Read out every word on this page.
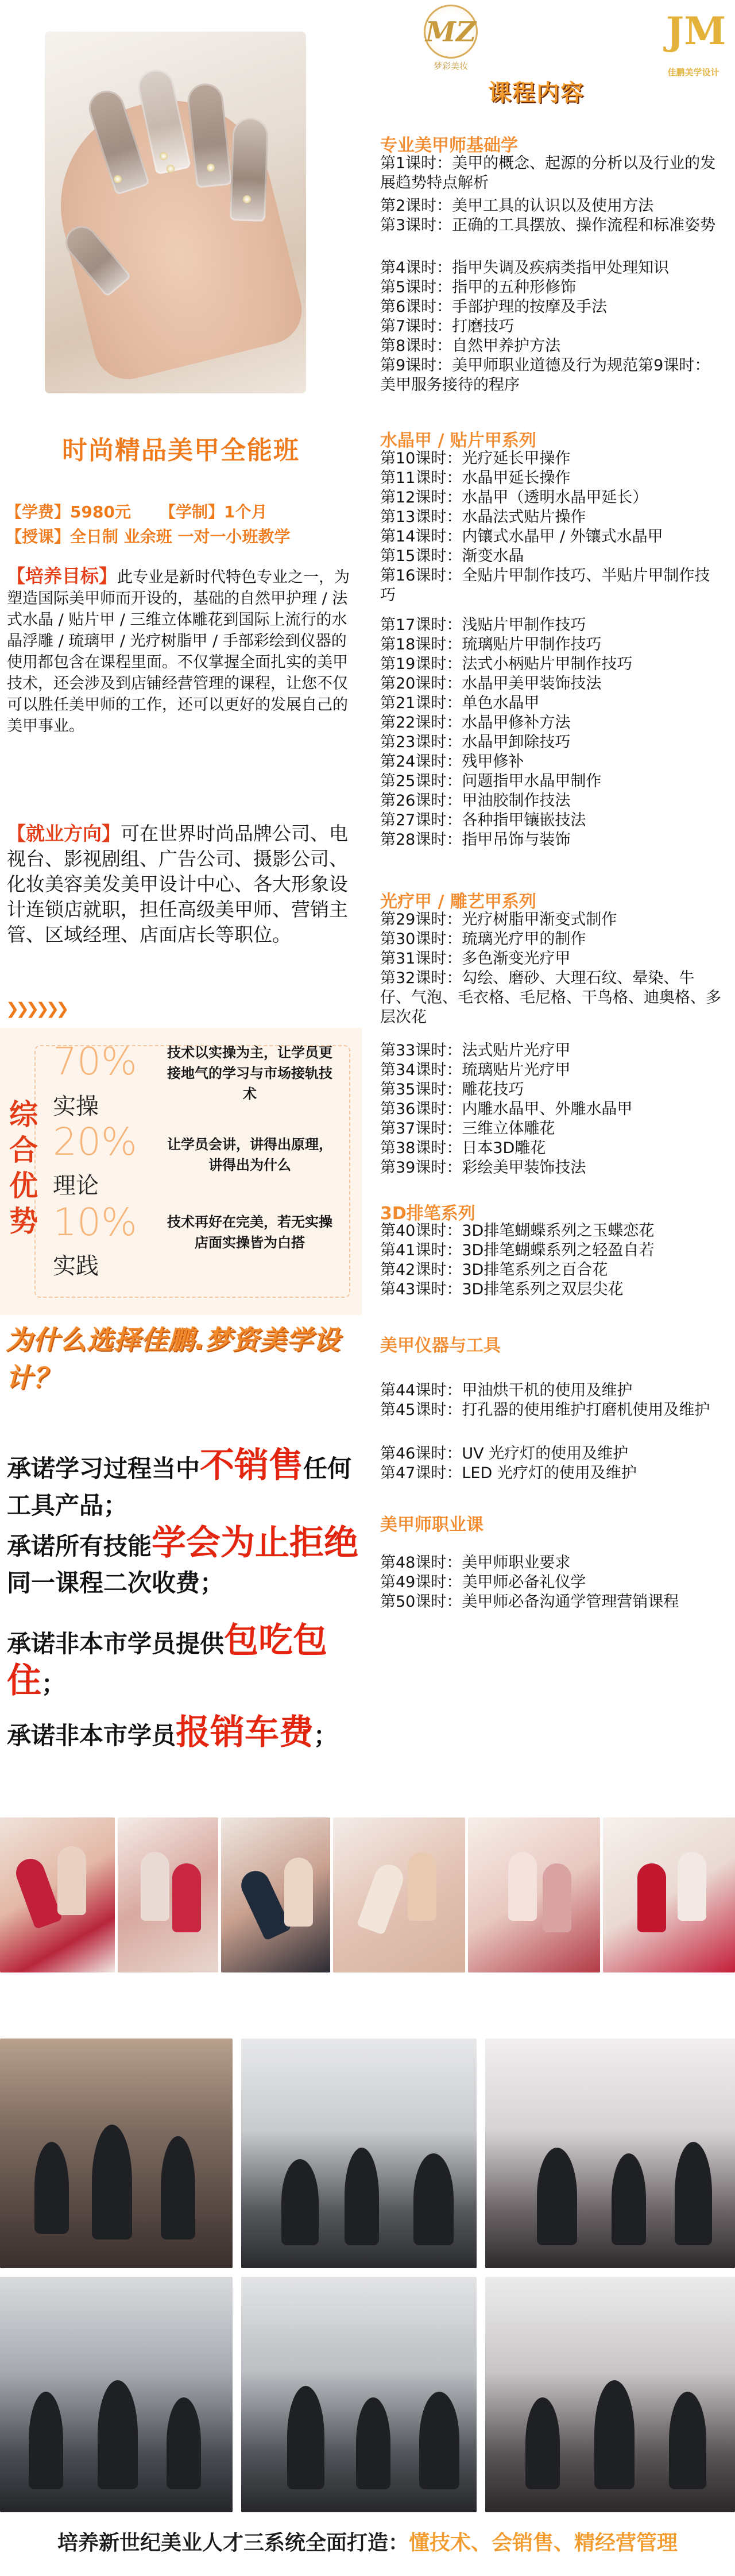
时尚精品美甲全能班
【学费】5980元 【学制】1个月
【授课】全日制 业余班 一对一小班教学
【培养目标】此专业是新时代特色专业之一，为塑造国际美甲师而开设的，基础的自然甲护理 / 法式水晶 / 贴片甲 / 三维立体雕花到国际上流行的水晶浮雕 / 琉璃甲 / 光疗树脂甲 / 手部彩绘到仪器的使用都包含在课程里面。不仅掌握全面扎实的美甲技术，还会涉及到店铺经营管理的课程，让您不仅可以胜任美甲师的工作，还可以更好的发展自己的美甲事业。
【就业方向】可在世界时尚品牌公司、电视台、影视剧组、广告公司、摄影公司、化妆美容美发美甲设计中心、各大形象设计连锁店就职，担任高级美甲师、营销主管、区域经理、店面店长等职位。
❯❯❯❯❯❯
综合优势
70%
实操
20%
理论
10%
实践
技术以实操为主，让学员更接地气的学习与市场接轨技术
让学员会讲，讲得出原理，讲得出为什么
技术再好在完美，若无实操店面实操皆为白搭
为什么选择佳鹏.梦资美学设计？
承诺学习过程当中不销售任何工具产品；
承诺所有技能学会为止拒绝同一课程二次收费；
承诺非本市学员提供包吃包住；
承诺非本市学员报销车费；
MZ
梦彩美妆
课程内容
JM
佳鹏美学设计
专业美甲师基础学
第1课时：美甲的概念、起源的分析以及行业的发展趋势特点解析
第2课时：美甲工具的认识以及使用方法
第3课时：正确的工具摆放、操作流程和标准姿势
第4课时：指甲失调及疾病类指甲处理知识
第5课时：指甲的五种形修饰
第6课时：手部护理的按摩及手法
第7课时：打磨技巧
第8课时：自然甲养护方法
第9课时：美甲师职业道德及行为规范第9课时：美甲服务接待的程序
水晶甲 / 贴片甲系列
第10课时：光疗延长甲操作
第11课时：水晶甲延长操作
第12课时：水晶甲（透明水晶甲延长）
第13课时：水晶法式贴片操作
第14课时：内镶式水晶甲 / 外镶式水晶甲
第15课时：渐变水晶
第16课时：全贴片甲制作技巧、半贴片甲制作技巧
第17课时：浅贴片甲制作技巧
第18课时：琉璃贴片甲制作技巧
第19课时：法式小柄贴片甲制作技巧
第20课时：水晶甲美甲装饰技法
第21课时：单色水晶甲
第22课时：水晶甲修补方法
第23课时：水晶甲卸除技巧
第24课时：残甲修补
第25课时：问题指甲水晶甲制作
第26课时：甲油胶制作技法
第27课时：各种指甲镶嵌技法
第28课时：指甲吊饰与装饰
光疗甲 / 雕艺甲系列
第29课时：光疗树脂甲渐变式制作
第30课时：琉璃光疗甲的制作
第31课时：多色渐变光疗甲
第32课时：勾绘、磨砂、大理石纹、晕染、牛仔、气泡、毛衣格、毛尼格、干鸟格、迪奥格、多层次花
第33课时：法式贴片光疗甲
第34课时：琉璃贴片光疗甲
第35课时：雕花技巧
第36课时：内雕水晶甲、外雕水晶甲
第37课时：三维立体雕花
第38课时：日本3D雕花
第39课时：彩绘美甲装饰技法
3D排笔系列
第40课时：3D排笔蝴蝶系列之玉蝶恋花
第41课时：3D排笔蝴蝶系列之轻盈自若
第42课时：3D排笔系列之百合花
第43课时：3D排笔系列之双层尖花
美甲仪器与工具
第44课时：甲油烘干机的使用及维护
第45课时：打孔器的使用维护打磨机使用及维护
第46课时：UV 光疗灯的使用及维护
第47课时：LED 光疗灯的使用及维护
美甲师职业课
第48课时：美甲师职业要求
第49课时：美甲师必备礼仪学
第50课时：美甲师必备沟通学管理营销课程
培养新世纪美业人才三系统全面打造：懂技术、会销售、精经营管理
